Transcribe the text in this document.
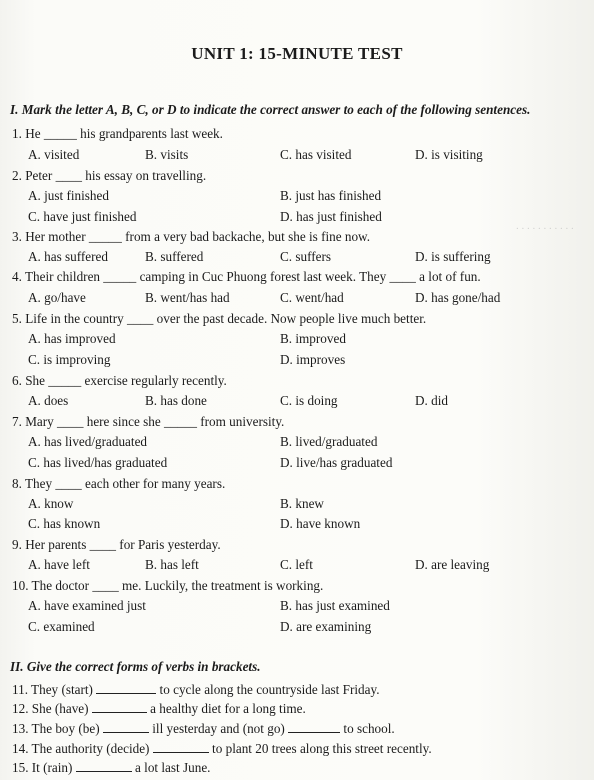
. . . . . . . . . . .
UNIT 1: 15-MINUTE TEST
I. Mark the letter A, B, C, or D to indicate the correct answer to each of the following sentences.
1. He _____ his grandparents last week.
A. visited	B. visits	C. has visited	D. is visiting
2. Peter ____ his essay on travelling.
A. just finished	B. just has finished
C. have just finished	D. has just finished
3. Her mother _____ from a very bad backache, but she is fine now.
A. has suffered	B. suffered	C. suffers	D. is suffering
4. Their children _____ camping in Cuc Phuong forest last week. They ____ a lot of fun.
A. go/have	B. went/has had	C. went/had	D. has gone/had
5. Life in the country ____ over the past decade. Now people live much better.
A. has improved	B. improved
C. is improving	D. improves
6. She _____ exercise regularly recently.
A. does	B. has done	C. is doing	D. did
7. Mary ____ here since she _____ from university.
A. has lived/graduated	B. lived/graduated
C. has lived/has graduated	D. live/has graduated
8. They ____ each other for many years.
A. know	B. knew
C. has known	D. have known
9. Her parents ____ for Paris yesterday.
A. have left	B. has left	C. left	D. are leaving
10. The doctor ____ me. Luckily, the treatment is working.
A. have examined just	B. has just examined
C. examined	D. are examining
II. Give the correct forms of verbs in brackets.
11. They (start)	to cycle along the countryside last Friday.
12. She (have)	a healthy diet for a long time.
13. The boy (be)	ill yesterday and (not go)	to school.
14. The authority (decide)	to plant 20 trees along this street recently.
15. It (rain)	a lot last June.
